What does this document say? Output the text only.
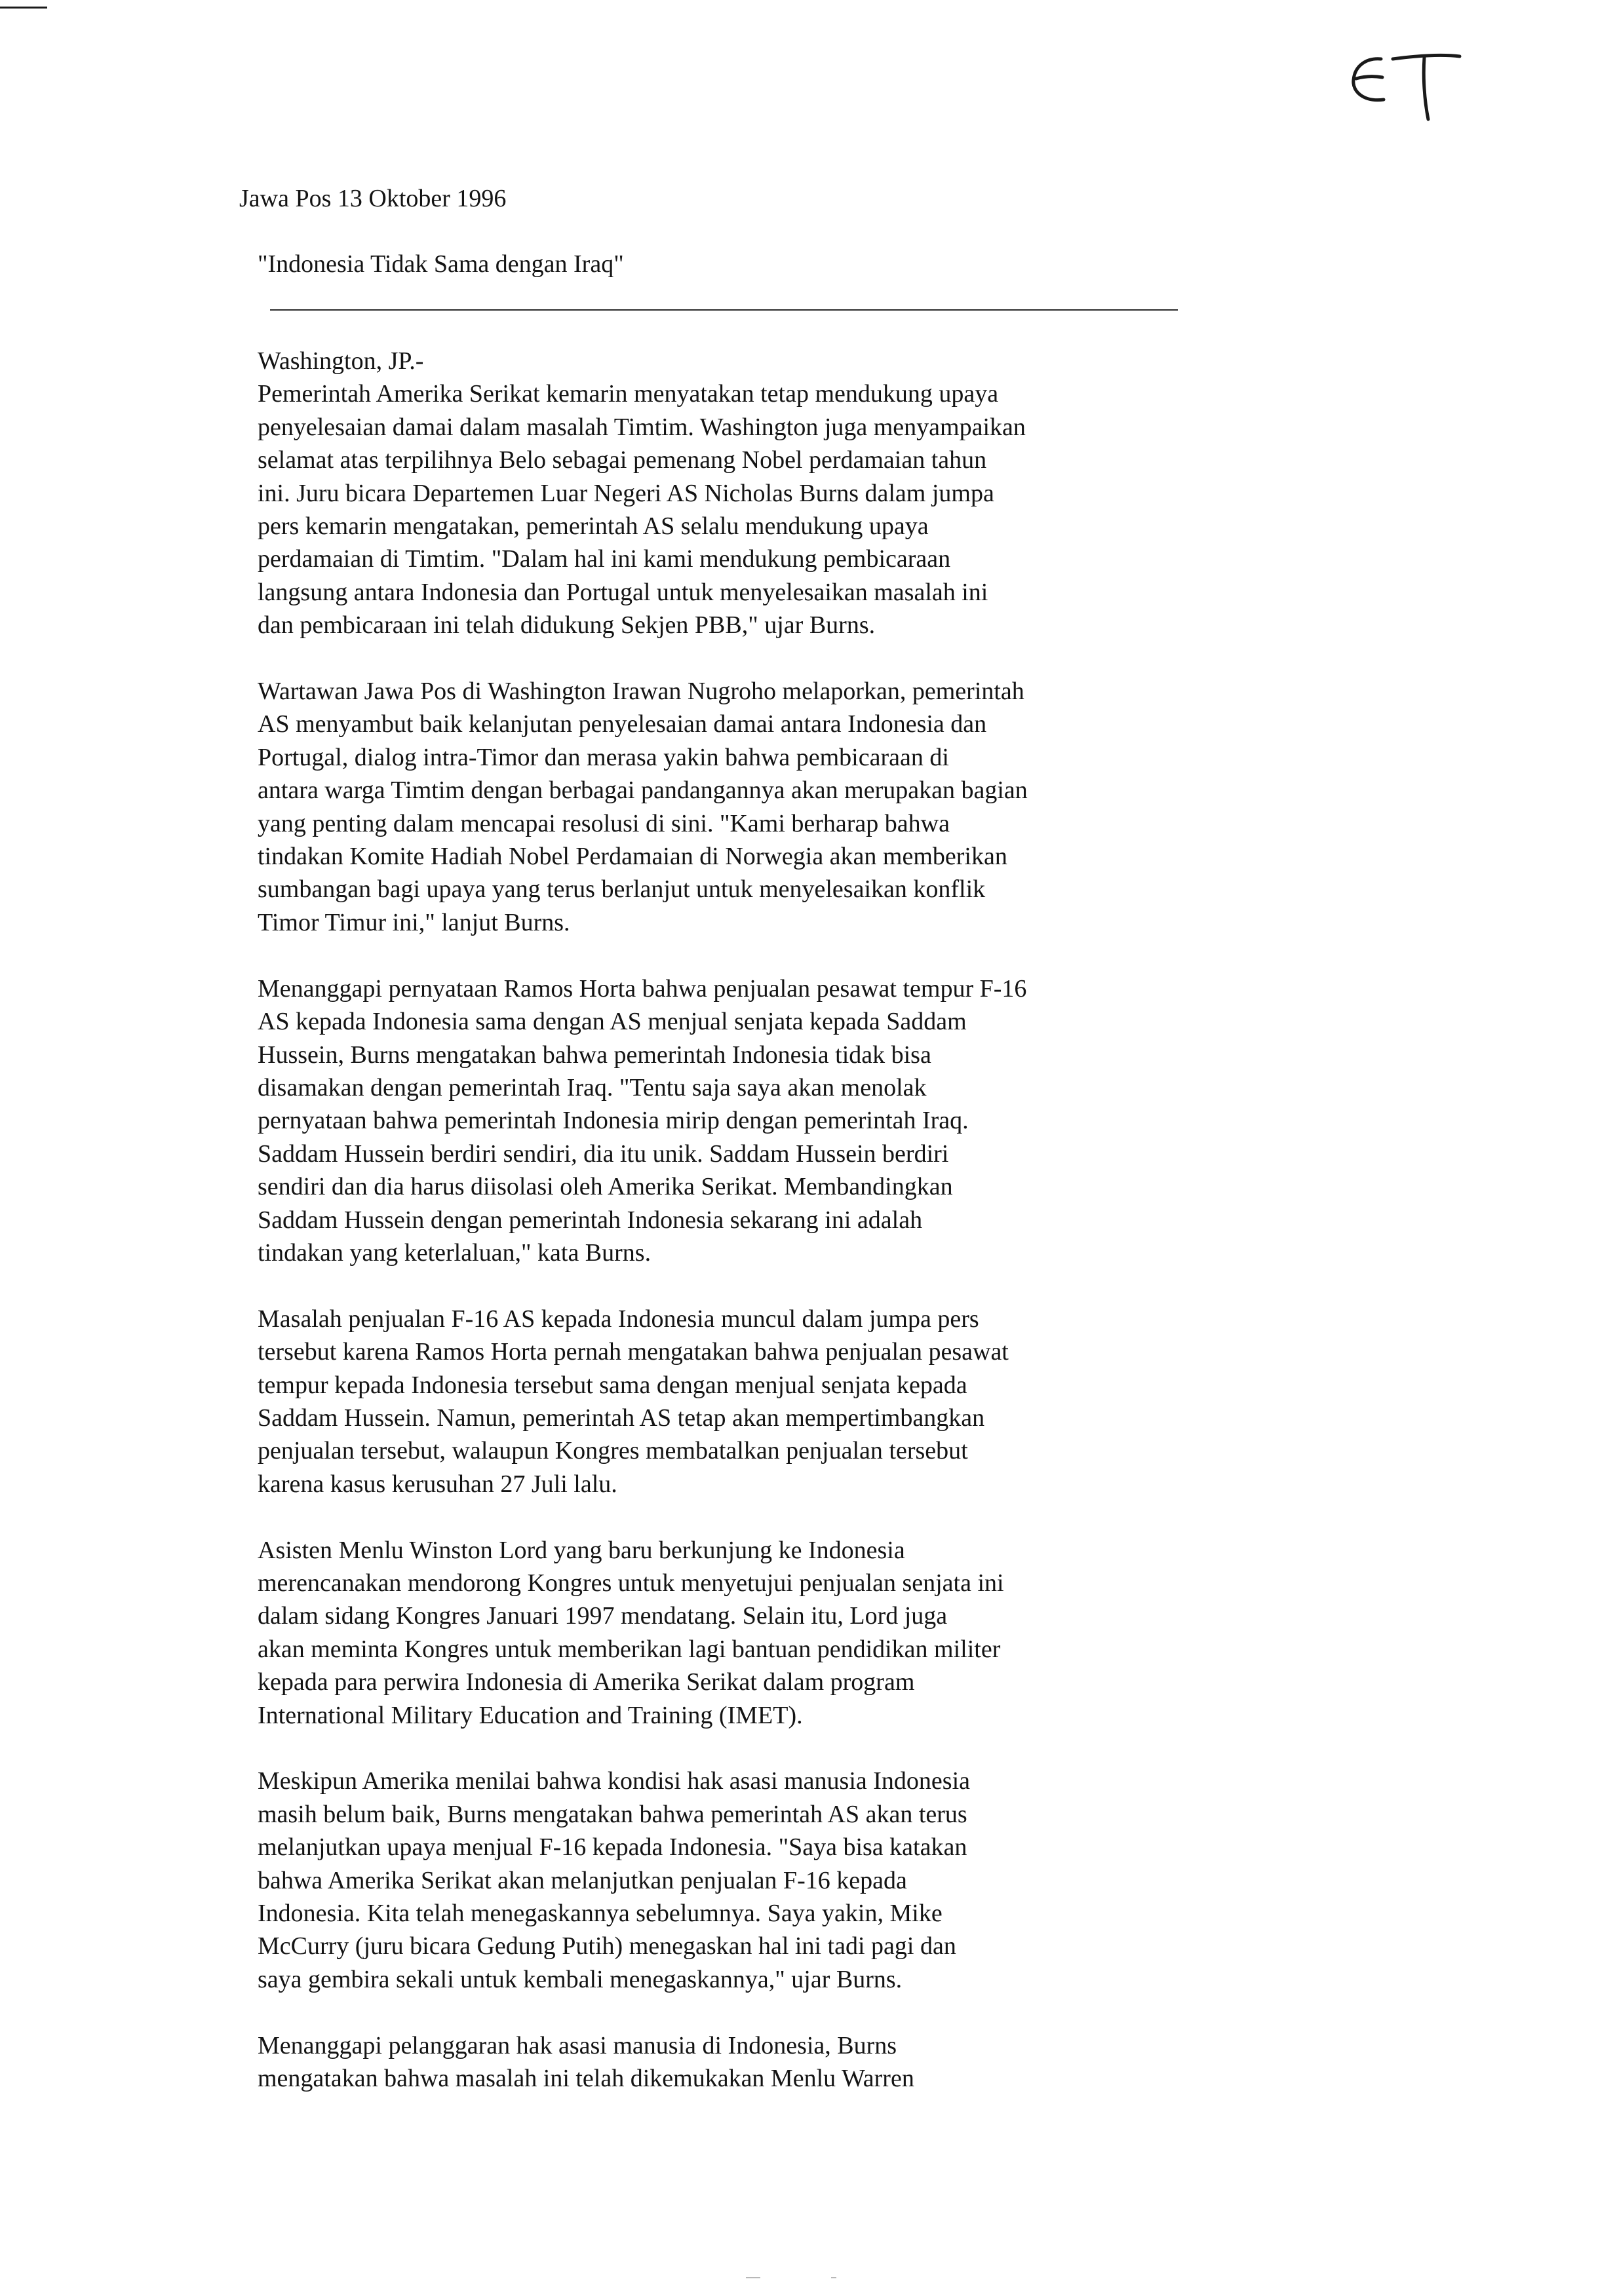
Jawa Pos 13 Oktober 1996

"Indonesia Tidak Sama dengan Iraq"
Washington, JP.-
Pemerintah Amerika Serikat kemarin menyatakan tetap mendukung upaya
penyelesaian damai dalam masalah Timtim. Washington juga menyampaikan
selamat atas terpilihnya Belo sebagai pemenang Nobel perdamaian tahun
ini. Juru bicara Departemen Luar Negeri AS Nicholas Burns dalam jumpa
pers kemarin mengatakan, pemerintah AS selalu mendukung upaya
perdamaian di Timtim. "Dalam hal ini kami mendukung pembicaraan
langsung antara Indonesia dan Portugal untuk menyelesaikan masalah ini
dan pembicaraan ini telah didukung Sekjen PBB," ujar Burns.
Wartawan Jawa Pos di Washington Irawan Nugroho melaporkan, pemerintah
AS menyambut baik kelanjutan penyelesaian damai antara Indonesia dan
Portugal, dialog intra-Timor dan merasa yakin bahwa pembicaraan di
antara warga Timtim dengan berbagai pandangannya akan merupakan bagian
yang penting dalam mencapai resolusi di sini. "Kami berharap bahwa
tindakan Komite Hadiah Nobel Perdamaian di Norwegia akan memberikan
sumbangan bagi upaya yang terus berlanjut untuk menyelesaikan konflik
Timor Timur ini," lanjut Burns.
Menanggapi pernyataan Ramos Horta bahwa penjualan pesawat tempur F-16
AS kepada Indonesia sama dengan AS menjual senjata kepada Saddam
Hussein, Burns mengatakan bahwa pemerintah Indonesia tidak bisa
disamakan dengan pemerintah Iraq. "Tentu saja saya akan menolak
pernyataan bahwa pemerintah Indonesia mirip dengan pemerintah Iraq.
Saddam Hussein berdiri sendiri, dia itu unik. Saddam Hussein berdiri
sendiri dan dia harus diisolasi oleh Amerika Serikat. Membandingkan
Saddam Hussein dengan pemerintah Indonesia sekarang ini adalah
tindakan yang keterlaluan," kata Burns.
Masalah penjualan F-16 AS kepada Indonesia muncul dalam jumpa pers
tersebut karena Ramos Horta pernah mengatakan bahwa penjualan pesawat
tempur kepada Indonesia tersebut sama dengan menjual senjata kepada
Saddam Hussein. Namun, pemerintah AS tetap akan mempertimbangkan
penjualan tersebut, walaupun Kongres membatalkan penjualan tersebut
karena kasus kerusuhan 27 Juli lalu.
Asisten Menlu Winston Lord yang baru berkunjung ke Indonesia
merencanakan mendorong Kongres untuk menyetujui penjualan senjata ini
dalam sidang Kongres Januari 1997 mendatang. Selain itu, Lord juga
akan meminta Kongres untuk memberikan lagi bantuan pendidikan militer
kepada para perwira Indonesia di Amerika Serikat dalam program
International Military Education and Training (IMET).
Meskipun Amerika menilai bahwa kondisi hak asasi manusia Indonesia
masih belum baik, Burns mengatakan bahwa pemerintah AS akan terus
melanjutkan upaya menjual F-16 kepada Indonesia. "Saya bisa katakan
bahwa Amerika Serikat akan melanjutkan penjualan F-16 kepada
Indonesia. Kita telah menegaskannya sebelumnya. Saya yakin, Mike
McCurry (juru bicara Gedung Putih) menegaskan hal ini tadi pagi dan
saya gembira sekali untuk kembali menegaskannya," ujar Burns.
Menanggapi pelanggaran hak asasi manusia di Indonesia, Burns
mengatakan bahwa masalah ini telah dikemukakan Menlu Warren
